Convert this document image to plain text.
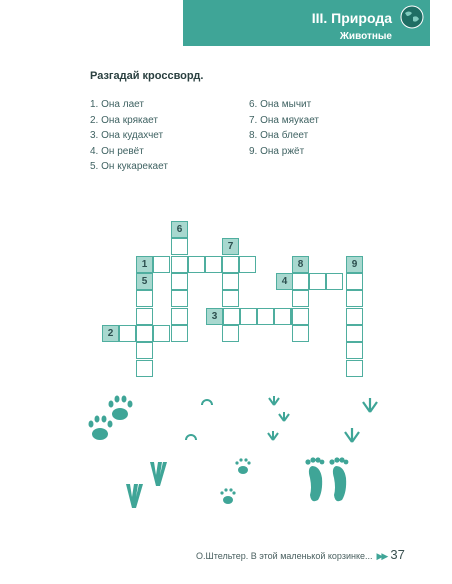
III. Природа
Животные
Разгадай кроссворд.
1. Она лает
2. Она крякает
3. Она кудахчет
4. Он ревёт
5. Он кукарекает
6. Она мычит
7. Она мяукает
8. Она блеет
9. Она ржёт
6
7
1	8	9
5	4
3
2
О.Штельтер. В этой маленькой корзинке... ▶▶ 37
